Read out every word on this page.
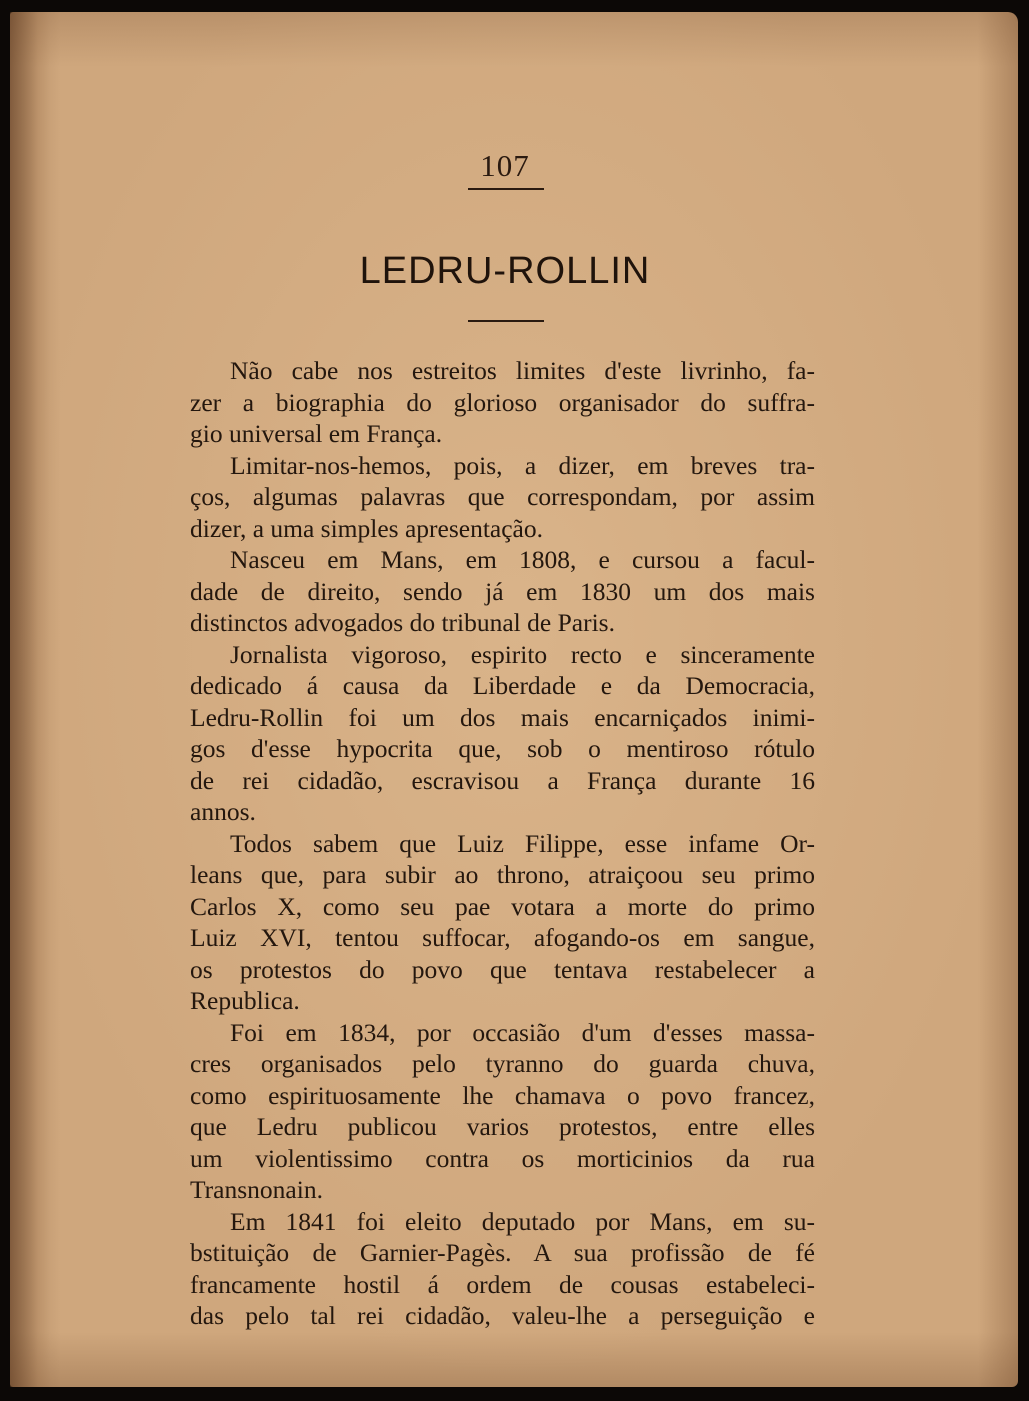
107
LEDRU-ROLLIN
Não cabe nos estreitos limites d'este livrinho, fa-
zer a biographia do glorioso organisador do suffra-
gio universal em França.
Limitar-nos-hemos, pois, a dizer, em breves tra-
ços, algumas palavras que correspondam, por assim
dizer, a uma simples apresentação.
Nasceu em Mans, em 1808, e cursou a facul-
dade de direito, sendo já em 1830 um dos mais
distinctos advogados do tribunal de Paris.
Jornalista vigoroso, espirito recto e sinceramente
dedicado á causa da Liberdade e da Democracia,
Ledru-Rollin foi um dos mais encarniçados inimi-
gos d'esse hypocrita que, sob o mentiroso rótulo
de rei cidadão, escravisou a França durante 16
annos.
Todos sabem que Luiz Filippe, esse infame Or-
leans que, para subir ao throno, atraiçoou seu primo
Carlos X, como seu pae votara a morte do primo
Luiz XVI, tentou suffocar, afogando-os em sangue,
os protestos do povo que tentava restabelecer a
Republica.
Foi em 1834, por occasião d'um d'esses massa-
cres organisados pelo tyranno do guarda chuva,
como espirituosamente lhe chamava o povo francez,
que Ledru publicou varios protestos, entre elles
um violentissimo contra os morticinios da rua
Transnonain.
Em 1841 foi eleito deputado por Mans, em su-
bstituição de Garnier-Pagès. A sua profissão de fé
francamente hostil á ordem de cousas estabeleci-
das pelo tal rei cidadão, valeu-lhe a perseguição e
